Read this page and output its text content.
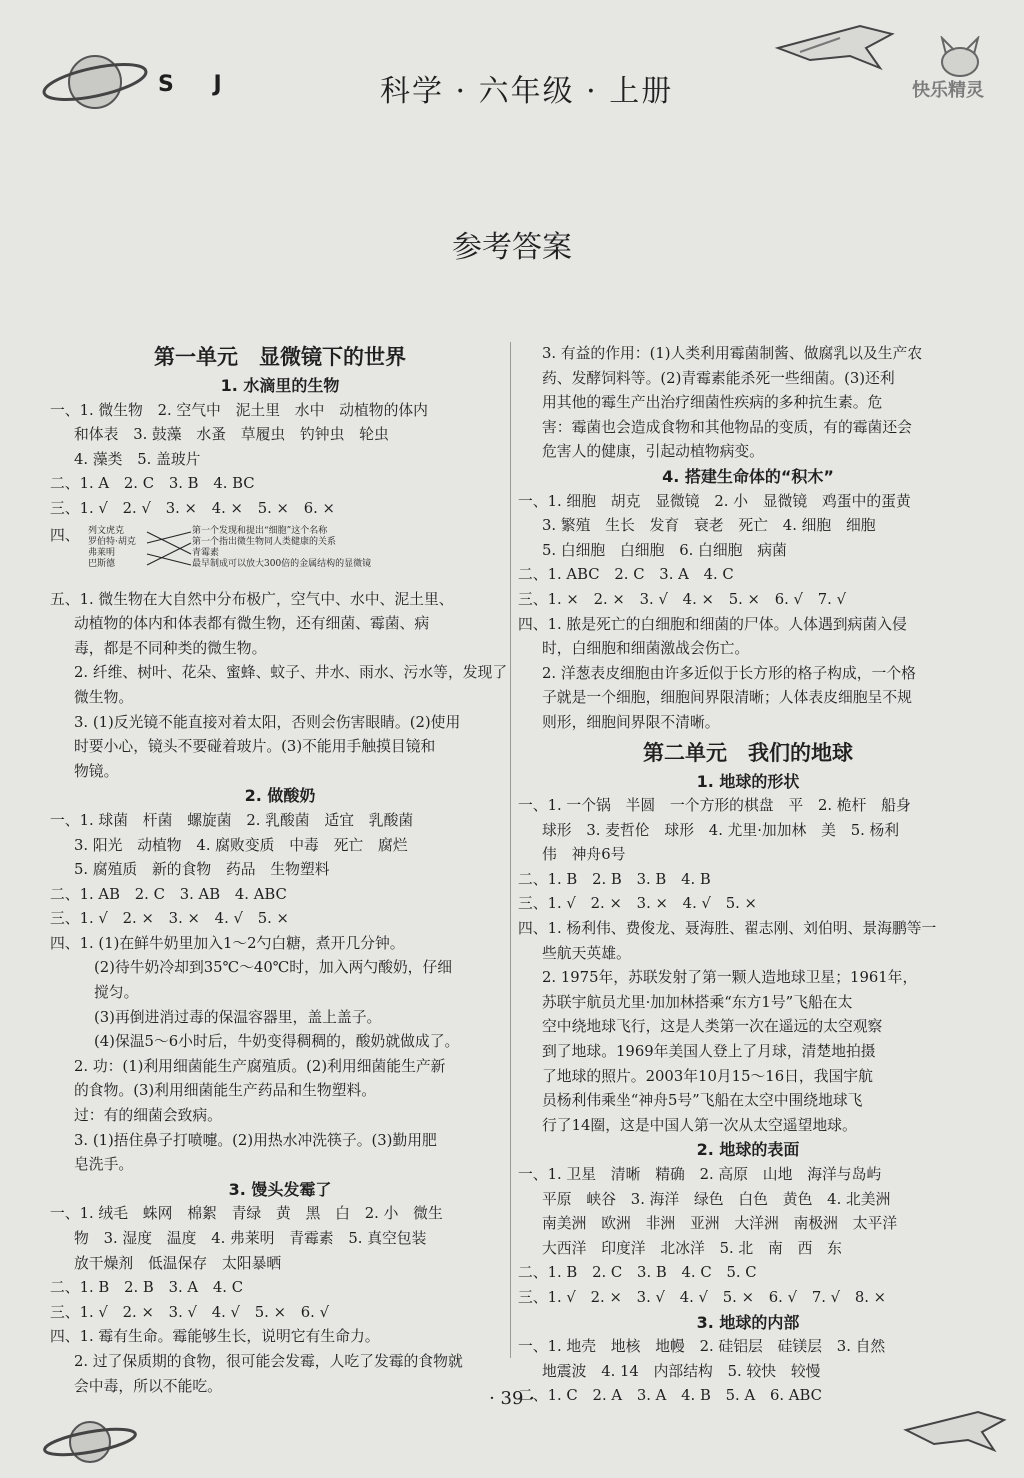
S J	科学 · 六年级 · 上册	快乐精灵
参考答案
第一单元　显微镜下的世界
1. 水滴里的生物
一、1. 微生物　2. 空气中　泥土里　水中　动植物的体内
和体表　3. 鼓藻　水蚤　草履虫　钓钟虫　轮虫
4. 藻类　5. 盖玻片
二、1. A　2. C　3. B　4. BC
三、1. √　2. √　3. ×　4. ×　5. ×　6. ×
四、 列文虎克
罗伯特·胡克
弗莱明
巴斯德
第一个发现和提出“细胞”这个名称
第一个指出微生物同人类健康的关系
青霉素
最早制成可以放大300倍的金属结构的显微镜
五、1. 微生物在大自然中分布极广，空气中、水中、泥土里、
动植物的体内和体表都有微生物，还有细菌、霉菌、病
毒，都是不同种类的微生物。
2. 纤维、树叶、花朵、蜜蜂、蚊子、井水、雨水、污水等，发现了
微生物。
3. (1)反光镜不能直接对着太阳，否则会伤害眼睛。(2)使用
时要小心，镜头不要碰着玻片。(3)不能用手触摸目镜和
物镜。
2. 做酸奶
一、1. 球菌　杆菌　螺旋菌　2. 乳酸菌　适宜　乳酸菌
3. 阳光　动植物　4. 腐败变质　中毒　死亡　腐烂
5. 腐殖质　新的食物　药品　生物塑料
二、1. AB　2. C　3. AB　4. ABC
三、1. √　2. ×　3. ×　4. √　5. ×
四、1. (1)在鲜牛奶里加入1～2勺白糖，煮开几分钟。
(2)待牛奶冷却到35℃～40℃时，加入两勺酸奶，仔细
搅匀。
(3)再倒进消过毒的保温容器里，盖上盖子。
(4)保温5～6小时后，牛奶变得稠稠的，酸奶就做成了。
2. 功：(1)利用细菌能生产腐殖质。(2)利用细菌能生产新
的食物。(3)利用细菌能生产药品和生物塑料。
过：有的细菌会致病。
3. (1)捂住鼻子打喷嚏。(2)用热水冲洗筷子。(3)勤用肥
皂洗手。
3. 馒头发霉了
一、1. 绒毛　蛛网　棉絮　青绿　黄　黑　白　2. 小　微生
物　3. 湿度　温度　4. 弗莱明　青霉素　5. 真空包装
放干燥剂　低温保存　太阳暴晒
二、1. B　2. B　3. A　4. C
三、1. √　2. ×　3. √　4. √　5. ×　6. √
四、1. 霉有生命。霉能够生长，说明它有生命力。
2. 过了保质期的食物，很可能会发霉，人吃了发霉的食物就
会中毒，所以不能吃。
3. 有益的作用：(1)人类利用霉菌制酱、做腐乳以及生产农
药、发酵饲料等。(2)青霉素能杀死一些细菌。(3)还利
用其他的霉生产出治疗细菌性疾病的多种抗生素。危
害：霉菌也会造成食物和其他物品的变质，有的霉菌还会
危害人的健康，引起动植物病变。
4. 搭建生命体的“积木”
一、1. 细胞　胡克　显微镜　2. 小　显微镜　鸡蛋中的蛋黄
3. 繁殖　生长　发育　衰老　死亡　4. 细胞　细胞
5. 白细胞　白细胞　6. 白细胞　病菌
二、1. ABC　2. C　3. A　4. C
三、1. ×　2. ×　3. √　4. ×　5. ×　6. √　7. √
四、1. 脓是死亡的白细胞和细菌的尸体。人体遇到病菌入侵
时，白细胞和细菌激战会伤亡。
2. 洋葱表皮细胞由许多近似于长方形的格子构成，一个格
子就是一个细胞，细胞间界限清晰；人体表皮细胞呈不规
则形，细胞间界限不清晰。
第二单元　我们的地球
1. 地球的形状
一、1. 一个锅　半圆　一个方形的棋盘　平　2. 桅杆　船身
球形　3. 麦哲伦　球形　4. 尤里·加加林　美　5. 杨利
伟　神舟6号
二、1. B　2. B　3. B　4. B
三、1. √　2. ×　3. ×　4. √　5. ×
四、1. 杨利伟、费俊龙、聂海胜、翟志刚、刘伯明、景海鹏等一
些航天英雄。
2. 1975年，苏联发射了第一颗人造地球卫星；1961年，
苏联宇航员尤里·加加林搭乘“东方1号”飞船在太
空中绕地球飞行，这是人类第一次在遥远的太空观察
到了地球。1969年美国人登上了月球，清楚地拍摄
了地球的照片。2003年10月15～16日，我国宇航
员杨利伟乘坐“神舟5号”飞船在太空中围绕地球飞
行了14圈，这是中国人第一次从太空遥望地球。
2. 地球的表面
一、1. 卫星　清晰　精确　2. 高原　山地　海洋与岛屿
平原　峡谷　3. 海洋　绿色　白色　黄色　4. 北美洲
南美洲　欧洲　非洲　亚洲　大洋洲　南极洲　太平洋
大西洋　印度洋　北冰洋　5. 北　南　西　东
二、1. B　2. C　3. B　4. C　5. C
三、1. √　2. ×　3. √　4. √　5. ×　6. √　7. √　8. ×
3. 地球的内部
一、1. 地壳　地核　地幔　2. 硅铝层　硅镁层　3. 自然
地震波　4. 14　内部结构　5. 较快　较慢
二、1. C　2. A　3. A　4. B　5. A　6. ABC
· 39 ·
